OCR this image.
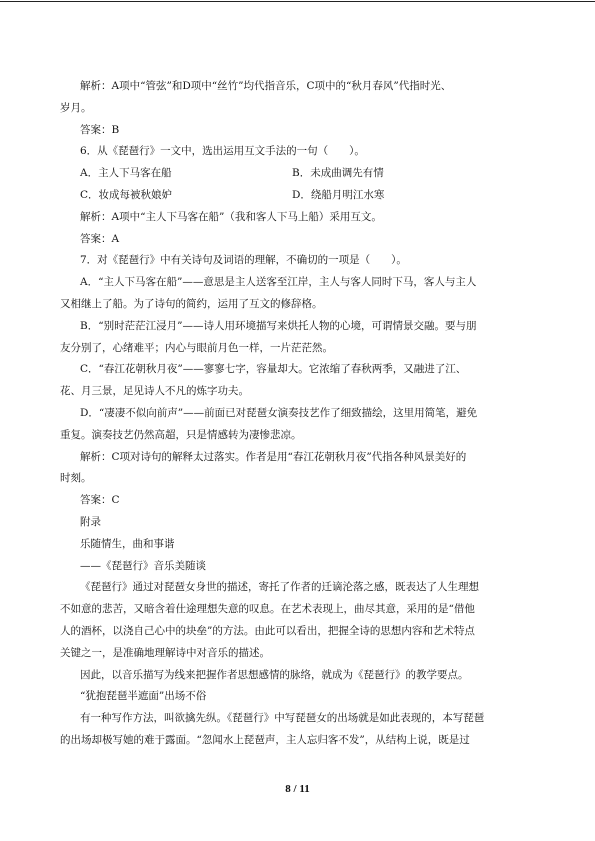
解析：A项中“管弦”和D项中“丝竹”均代指音乐，C项中的“秋月春风”代指时光、

岁月。

答案：B

6．从《琵琶行》一文中，选出运用互文手法的一句（　　）。

A．主人下马客在船	B．未成曲调先有情
C．妆成每被秋娘妒	D．绕船月明江水寒

解析：A项中“主人下马客在船”（我和客人下马上船）采用互文。

答案：A

7．对《琵琶行》中有关诗句及词语的理解，不确切的一项是（　　）。

A．“主人下马客在船”——意思是主人送客至江岸，主人与客人同时下马，客人与主人

又相继上了船。为了诗句的简约，运用了互文的修辞格。

B．“别时茫茫江浸月”——诗人用环境描写来烘托人物的心境，可谓情景交融。要与朋

友分别了，心绪难平；内心与眼前月色一样，一片茫茫然。

C．“春江花朝秋月夜”——寥寥七字，容量却大。它浓缩了春秋两季，又融进了江、

花、月三景，足见诗人不凡的炼字功夫。

D．“凄凄不似向前声”——前面已对琵琶女演奏技艺作了细致描绘，这里用简笔，避免

重复。演奏技艺仍然高超，只是情感转为凄惨悲凉。

解析：C项对诗句的解释太过落实。作者是用“春江花朝秋月夜”代指各种风景美好的

时刻。

答案：C

附录

乐随情生，曲和事谐

——《琵琶行》音乐美随谈

《琵琶行》通过对琵琶女身世的描述，寄托了作者的迁谪沦落之感，既表达了人生理想

不如意的悲苦，又暗含着仕途理想失意的叹息。在艺术表现上，曲尽其意，采用的是“借他

人的酒杯，以浇自己心中的块垒”的方法。由此可以看出，把握全诗的思想内容和艺术特点

关键之一，是准确地理解诗中对音乐的描述。

因此，以音乐描写为线来把握作者思想感情的脉络，就成为《琵琶行》的教学要点。

“犹抱琵琶半遮面”出场不俗

有一种写作方法，叫欲擒先纵。《琵琶行》中写琵琶女的出场就是如此表现的，本写琵琶

的出场却极写她的难于露面。“忽闻水上琵琶声，主人忘归客不发”，从结构上说，既是过

8 / 11
